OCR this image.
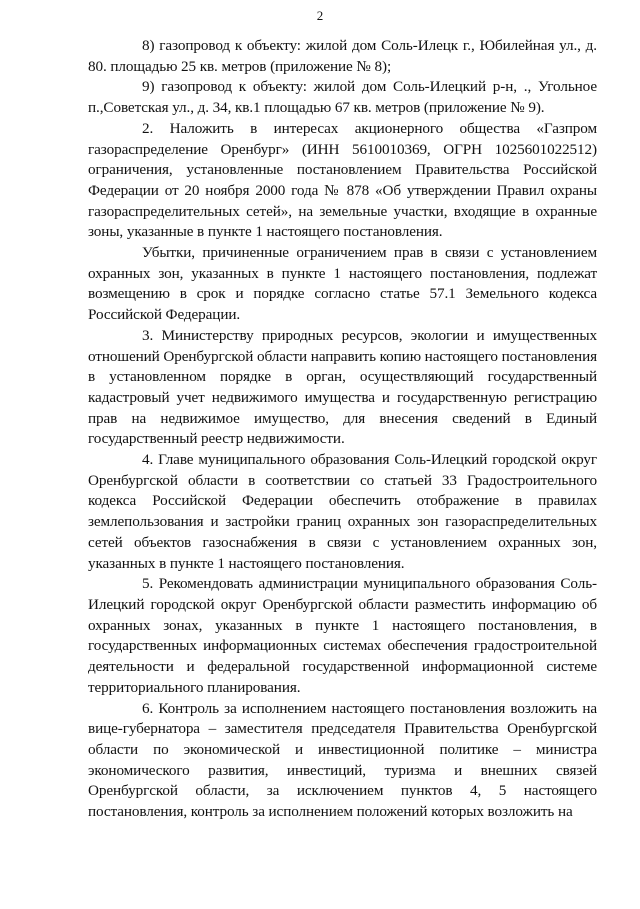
2

8) газопровод к объекту: жилой дом Соль-Илецк г., Юбилейная ул., д. 80. площадью 25 кв. метров (приложение № 8);

9) газопровод к объекту: жилой дом Соль-Илецкий р-н, ., Угольное п.,Советская ул., д. 34, кв.1 площадью 67 кв. метров (приложение № 9).

2. Наложить в интересах акционерного общества «Газпром газораспределение Оренбург» (ИНН 5610010369, ОГРН 1025601022512) ограничения, установленные постановлением Правительства Российской Федерации от 20 ноября 2000 года № 878 «Об утверждении Правил охраны газораспределительных сетей», на земельные участки, входящие в охранные зоны, указанные в пункте 1 настоящего постановления.

Убытки, причиненные ограничением прав в связи с установлением охранных зон, указанных в пункте 1 настоящего постановления, подлежат возмещению в срок и порядке согласно статье 57.1 Земельного кодекса Российской Федерации.

3. Министерству природных ресурсов, экологии и имущественных отношений Оренбургской области направить копию настоящего постановления в установленном порядке в орган, осуществляющий государственный кадастровый учет недвижимого имущества и государственную регистрацию прав на недвижимое имущество, для внесения сведений в Единый государственный реестр недвижимости.

4. Главе муниципального образования Соль-Илецкий городской округ Оренбургской области в соответствии со статьей 33 Градостроительного кодекса Российской Федерации обеспечить отображение в правилах землепользования и застройки границ охранных зон газораспределительных сетей объектов газоснабжения в связи с установлением охранных зон, указанных в пункте 1 настоящего постановления.

5. Рекомендовать администрации муниципального образования Соль-Илецкий городской округ Оренбургской области разместить информацию об охранных зонах, указанных в пункте 1 настоящего постановления, в государственных информационных системах обеспечения градостроительной деятельности и федеральной государственной информационной системе территориального планирования.

6. Контроль за исполнением настоящего постановления возложить на вице-губернатора – заместителя председателя Правительства Оренбургской области по экономической и инвестиционной политике – министра экономического развития, инвестиций, туризма и внешних связей Оренбургской области, за исключением пунктов 4, 5 настоящего постановления, контроль за исполнением положений которых возложить на
